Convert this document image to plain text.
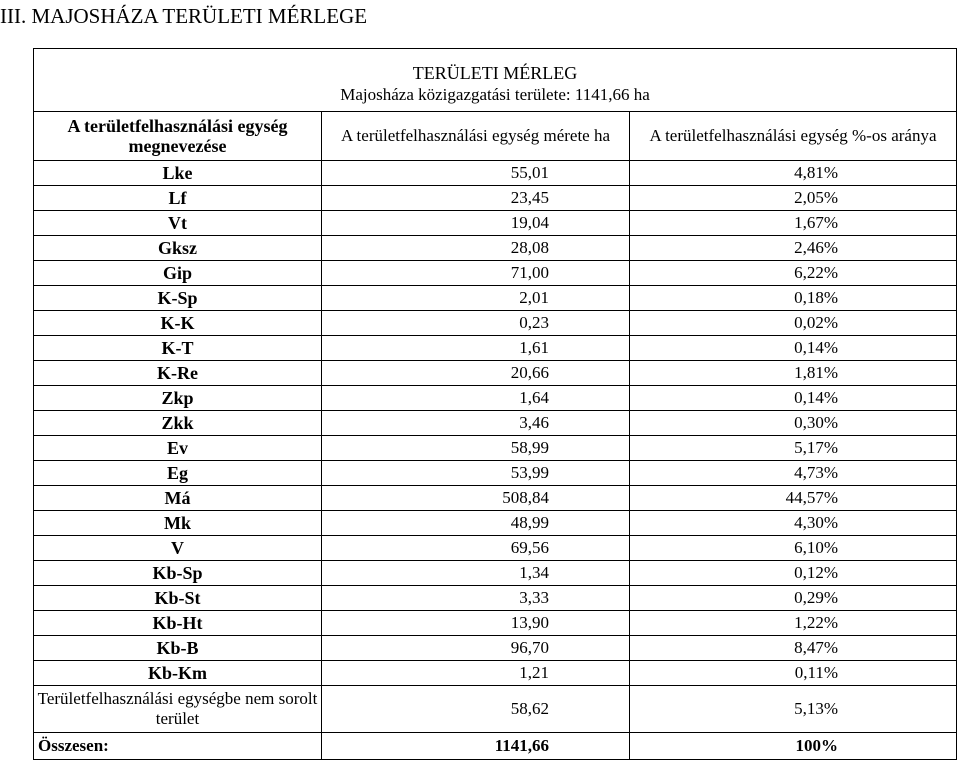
III. MAJOSHÁZA TERÜLETI MÉRLEGE
TERÜLETI MÉRLEG
Majosháza közigazgatási területe: 1141,66 ha		

A területfelhasználási egység megnevezése	A területfelhasználási egység mérete ha	A területfelhasználási egység %-os aránya
Lke	55,01	4,81%
Lf	23,45	2,05%
Vt	19,04	1,67%
Gksz	28,08	2,46%
Gip	71,00	6,22%
K-Sp	2,01	0,18%
K-K	0,23	0,02%
K-T	1,61	0,14%
K-Re	20,66	1,81%
Zkp	1,64	0,14%
Zkk	3,46	0,30%
Ev	58,99	5,17%
Eg	53,99	4,73%
Má	508,84	44,57%
Mk	48,99	4,30%
V	69,56	6,10%
Kb-Sp	1,34	0,12%
Kb-St	3,33	0,29%
Kb-Ht	13,90	1,22%
Kb-B	96,70	8,47%
Kb-Km	1,21	0,11%
Területfelhasználási egységbe nem sorolt terület	58,62	5,13%
Összesen:	1141,66	100%
